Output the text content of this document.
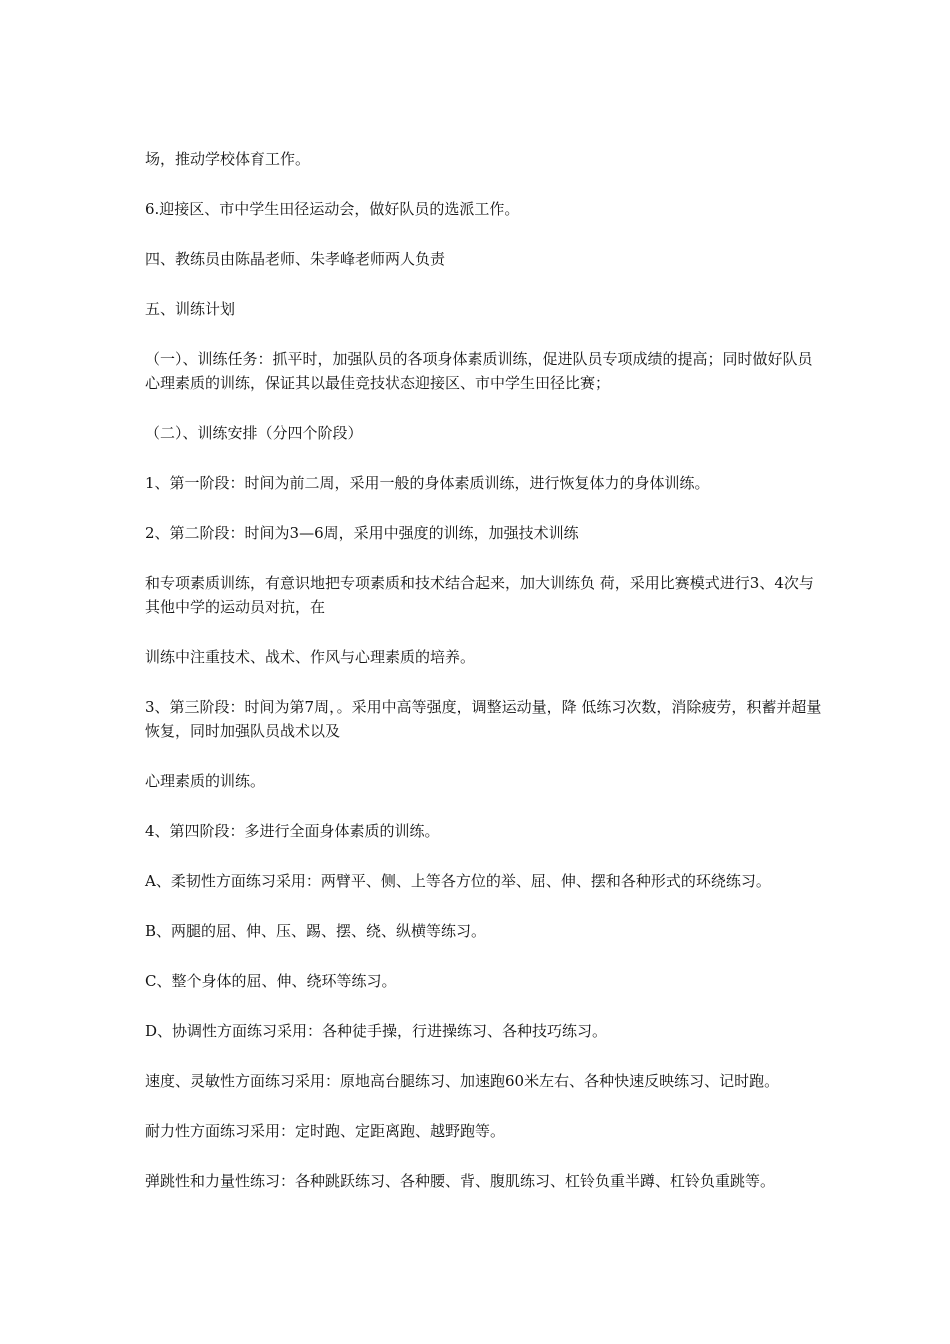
场，推动学校体育工作。

6.迎接区、市中学生田径运动会，做好队员的选派工作。

四、教练员由陈晶老师、朱孝峰老师两人负责

五、训练计划

（一）、训练任务：抓平时，加强队员的各项身体素质训练，促进队员专项成绩的提高；同时做好队员心理素质的训练，保证其以最佳竞技状态迎接区、市中学生田径比赛；

（二）、训练安排（分四个阶段）

1、第一阶段：时间为前二周，采用一般的身体素质训练，进行恢复体力的身体训练。

2、第二阶段：时间为3—6周，采用中强度的训练，加强技术训练

和专项素质训练，有意识地把专项素质和技术结合起来，加大训练负 荷，采用比赛模式进行3、4次与其他中学的运动员对抗，在

训练中注重技术、战术、作风与心理素质的培养。

3、第三阶段：时间为第7周，。采用中高等强度，调整运动量，降 低练习次数，消除疲劳，积蓄并超量恢复，同时加强队员战术以及

心理素质的训练。

4、第四阶段：多进行全面身体素质的训练。

A、柔韧性方面练习采用：两臂平、侧、上等各方位的举、屈、伸、摆和各种形式的环绕练习。

B、两腿的屈、伸、压、踢、摆、绕、纵横等练习。

C、整个身体的屈、伸、绕环等练习。

D、协调性方面练习采用：各种徒手操，行进操练习、各种技巧练习。

速度、灵敏性方面练习采用：原地高台腿练习、加速跑60米左右、各种快速反映练习、记时跑。

耐力性方面练习采用：定时跑、定距离跑、越野跑等。

弹跳性和力量性练习：各种跳跃练习、各种腰、背、腹肌练习、杠铃负重半蹲、杠铃负重跳等。
